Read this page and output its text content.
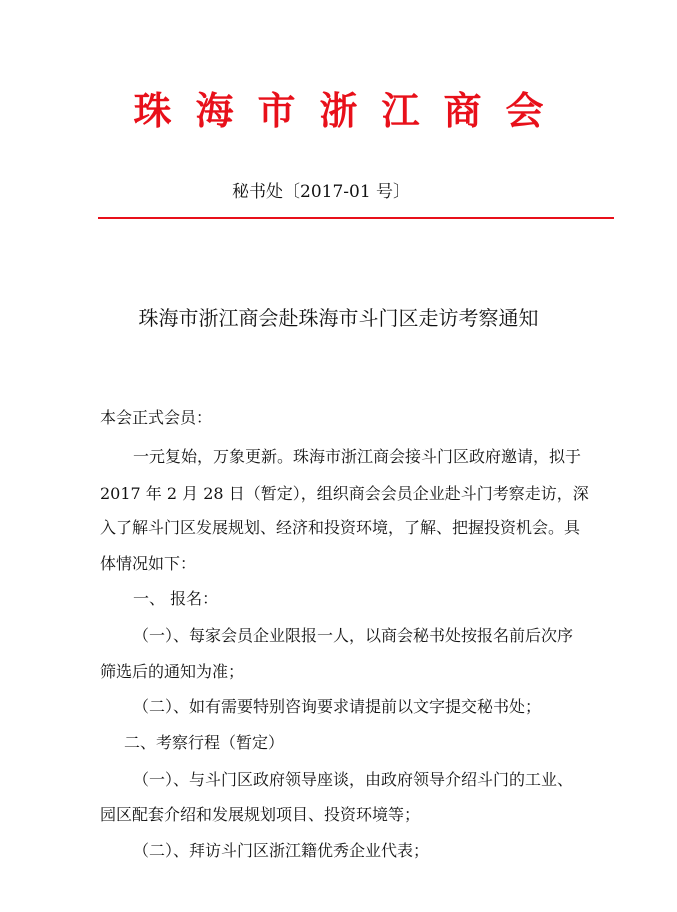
珠海市浙江商会
秘书处〔2017-01 号〕
珠海市浙江商会赴珠海市斗门区走访考察通知
本会正式会员：
一元复始，万象更新。珠海市浙江商会接斗门区政府邀请，拟于
2017 年 2 月 28 日（暂定），组织商会会员企业赴斗门考察走访，深
入了解斗门区发展规划、经济和投资环境，了解、把握投资机会。具
体情况如下：
一、 报名：
（一）、每家会员企业限报一人，以商会秘书处按报名前后次序
筛选后的通知为准；
（二）、如有需要特别咨询要求请提前以文字提交秘书处；
二、考察行程（暂定）
（一）、与斗门区政府领导座谈，由政府领导介绍斗门的工业、
园区配套介绍和发展规划项目、投资环境等；
（二）、拜访斗门区浙江籍优秀企业代表；
